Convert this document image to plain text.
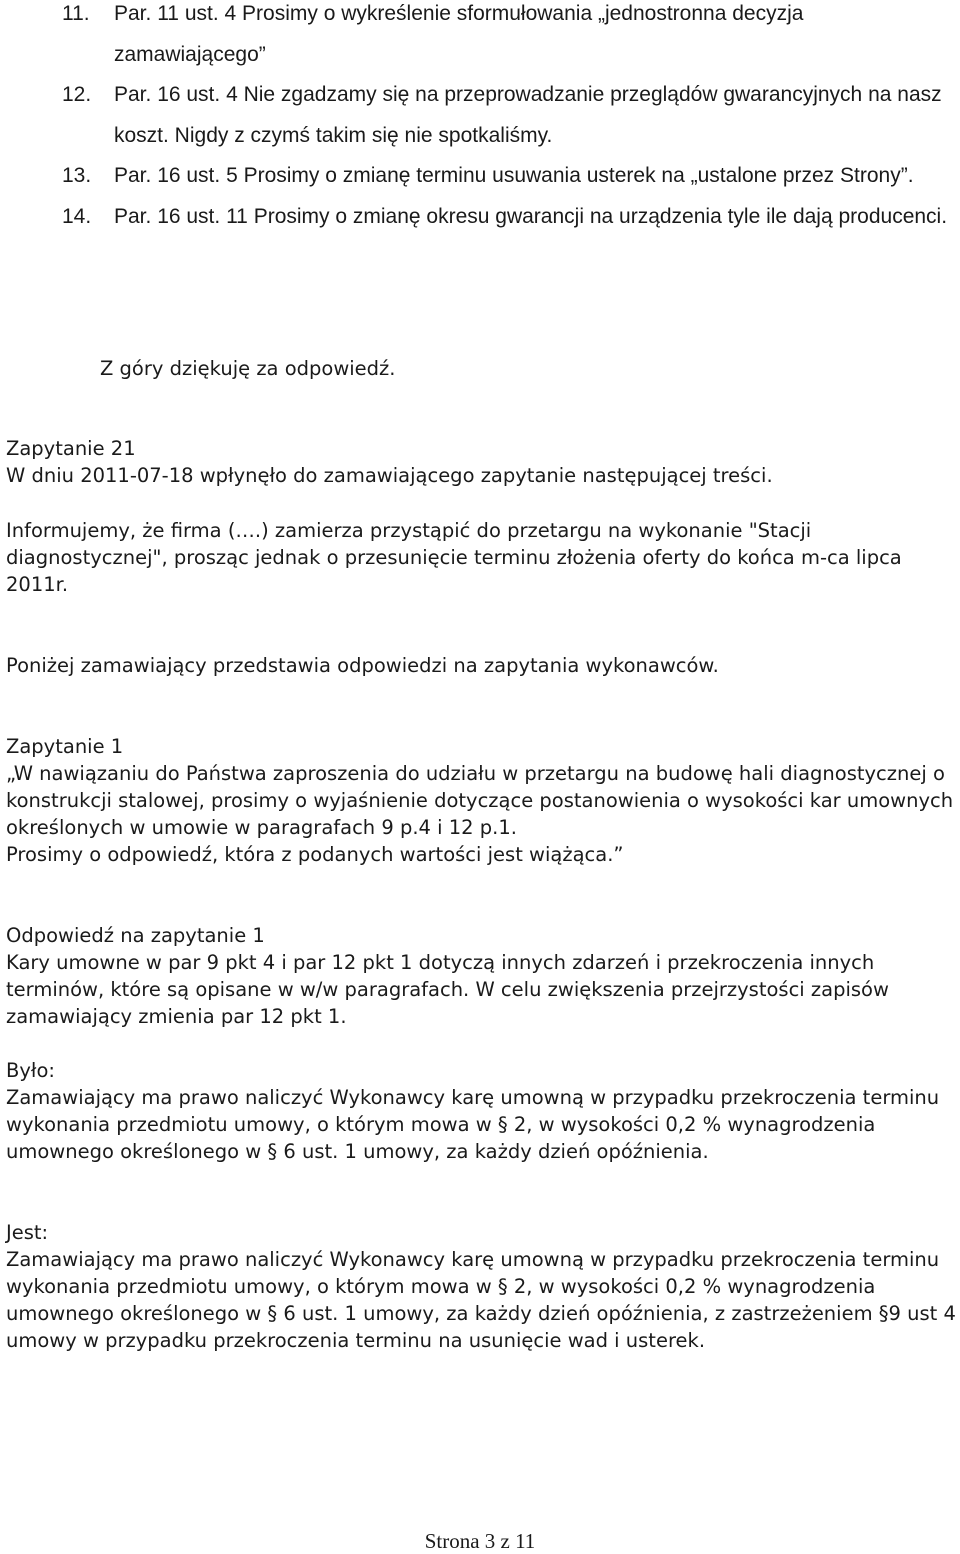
11.	Par. 11 ust. 4 Prosimy o wykreślenie sformułowania „jednostronna decyzja zamawiającego”
12.	Par. 16 ust. 4 Nie zgadzamy się na przeprowadzanie przeglądów gwarancyjnych na nasz koszt. Nigdy z czymś takim się nie spotkaliśmy.
13.	Par. 16 ust. 5 Prosimy o zmianę terminu usuwania usterek na „ustalone przez Strony”.
14.	Par. 16 ust. 11 Prosimy o zmianę okresu gwarancji na urządzenia tyle ile dają producenci.

Z góry dziękuję za odpowiedź.

Zapytanie 21

W dniu 2011-07-18 wpłynęło do zamawiającego zapytanie następującej treści.

Informujemy, że firma (….) zamierza przystąpić do przetargu na wykonanie "Stacji diagnostycznej", prosząc jednak o przesunięcie terminu złożenia oferty do końca m-ca lipca 2011r.

Poniżej zamawiający przedstawia odpowiedzi na zapytania wykonawców.

Zapytanie 1

„W nawiązaniu do Państwa zaproszenia do udziału w przetargu na budowę hali diagnostycznej o konstrukcji stalowej, prosimy o wyjaśnienie dotyczące postanowienia o wysokości kar umownych określonych w umowie w paragrafach 9 p.4 i 12 p.1.

Prosimy o odpowiedź, która z podanych wartości jest wiążąca.”

Odpowiedź na zapytanie 1

Kary umowne w par 9 pkt 4 i par 12 pkt 1 dotyczą innych zdarzeń i przekroczenia innych terminów, które są opisane w w/w paragrafach. W celu zwiększenia przejrzystości zapisów zamawiający zmienia par 12 pkt 1.

Było:

Zamawiający ma prawo naliczyć Wykonawcy karę umowną w przypadku przekroczenia terminu wykonania przedmiotu umowy, o którym mowa w § 2, w wysokości 0,2 % wynagrodzenia umownego określonego w § 6 ust. 1 umowy, za każdy dzień opóźnienia.

Jest:

Zamawiający ma prawo naliczyć Wykonawcy karę umowną w przypadku przekroczenia terminu wykonania przedmiotu umowy, o którym mowa w § 2, w wysokości 0,2 % wynagrodzenia umownego określonego w § 6 ust. 1 umowy, za każdy dzień opóźnienia, z zastrzeżeniem §9 ust 4 umowy w przypadku przekroczenia terminu na usunięcie wad i usterek.

Strona 3 z 11
